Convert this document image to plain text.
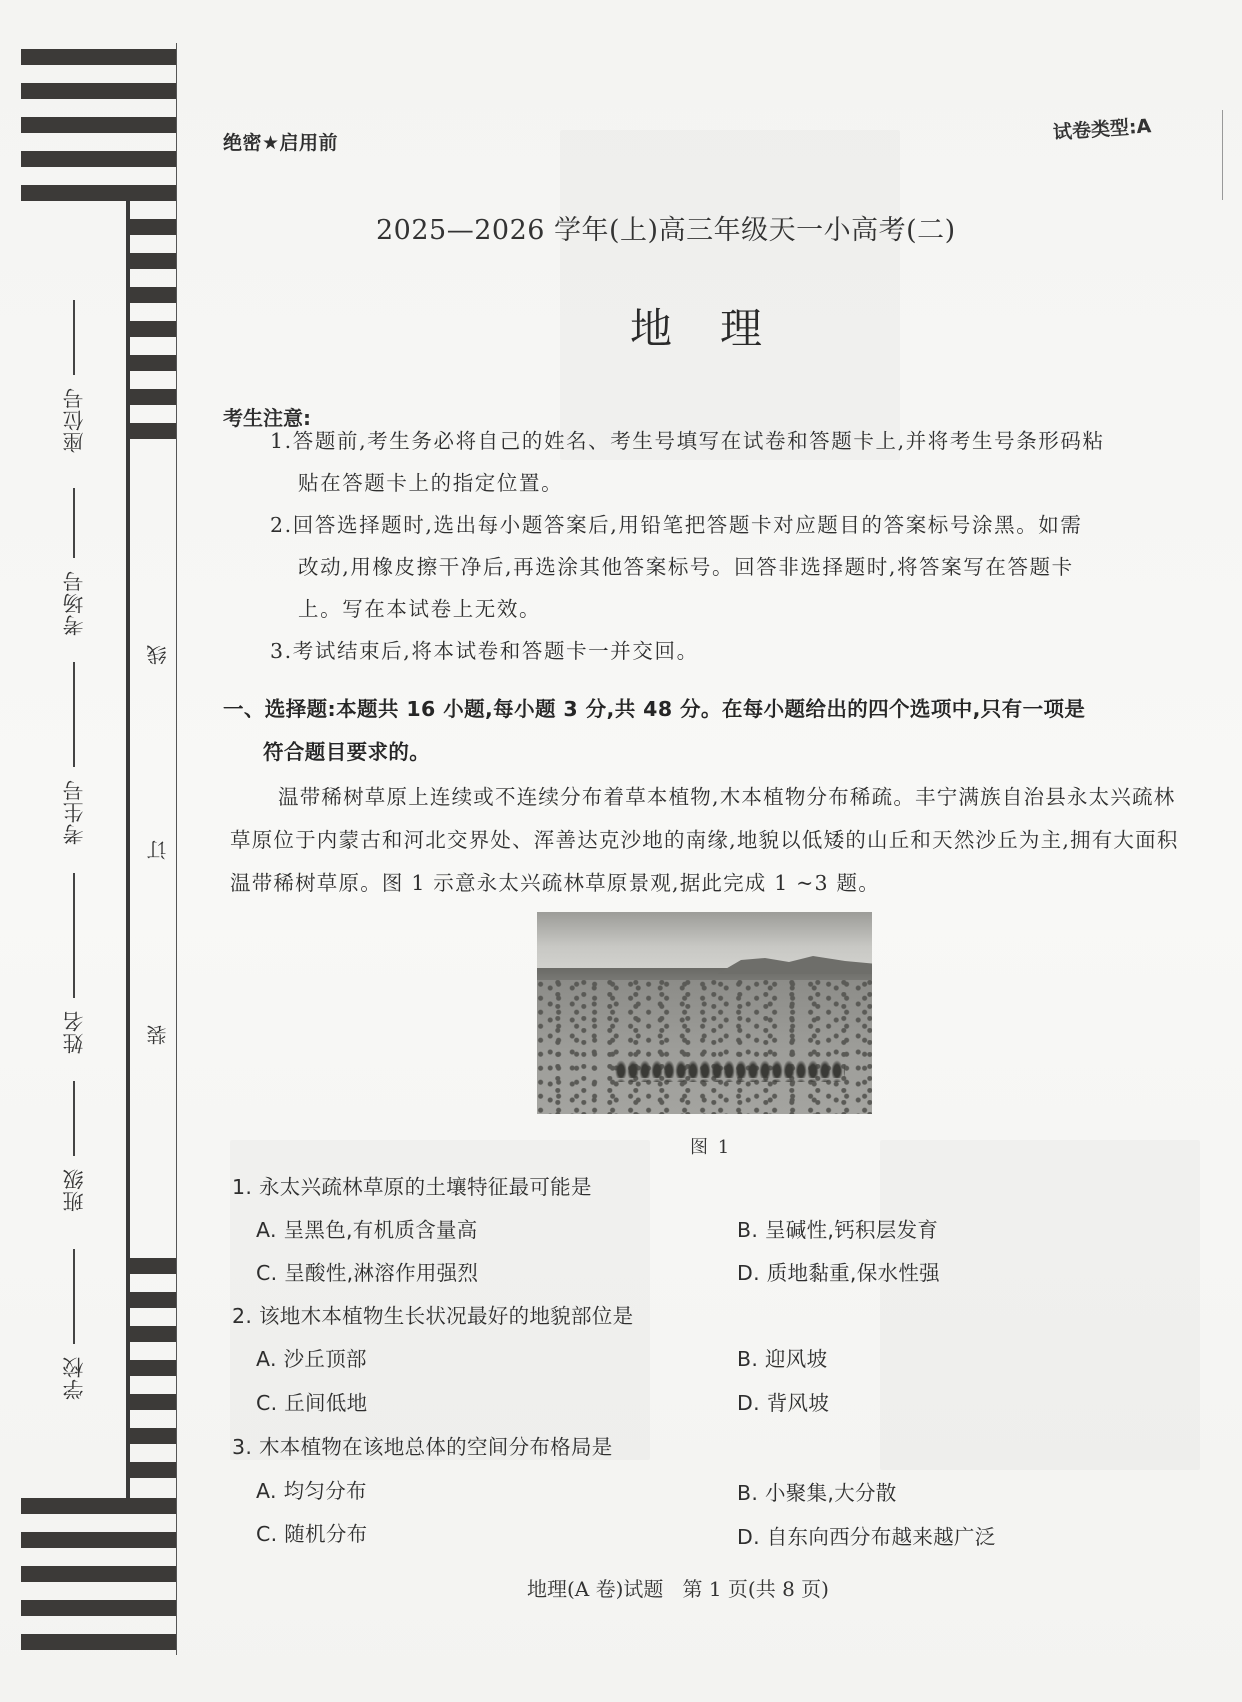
座位号
考场号
考生号
姓名
班级
学校
线
订
装
绝密★启用前	试卷类型:A
2025—2026 学年(上)高三年级天一小高考(二)
地理
考生注意:
1.答题前,考生务必将自己的姓名、考生号填写在试卷和答题卡上,并将考生号条形码粘
贴在答题卡上的指定位置。
2.回答选择题时,选出每小题答案后,用铅笔把答题卡对应题目的答案标号涂黑。如需
改动,用橡皮擦干净后,再选涂其他答案标号。回答非选择题时,将答案写在答题卡
上。写在本试卷上无效。
3.考试结束后,将本试卷和答题卡一并交回。
一、选择题:本题共 16 小题,每小题 3 分,共 48 分。在每小题给出的四个选项中,只有一项是
符合题目要求的。
温带稀树草原上连续或不连续分布着草本植物,木本植物分布稀疏。丰宁满族自治县永太兴疏林草原位于内蒙古和河北交界处、浑善达克沙地的南缘,地貌以低矮的山丘和天然沙丘为主,拥有大面积温带稀树草原。图 1 示意永太兴疏林草原景观,据此完成 1 ~3 题。
图 1
1. 永太兴疏林草原的土壤特征最可能是
A. 呈黑色,有机质含量高	B. 呈碱性,钙积层发育
C. 呈酸性,淋溶作用强烈	D. 质地黏重,保水性强
2. 该地木本植物生长状况最好的地貌部位是
A. 沙丘顶部	B. 迎风坡
C. 丘间低地	D. 背风坡
3. 木本植物在该地总体的空间分布格局是
A. 均匀分布	B. 小聚集,大分散
C. 随机分布	D. 自东向西分布越来越广泛
地理(A 卷)试题   第 1 页(共 8 页)
